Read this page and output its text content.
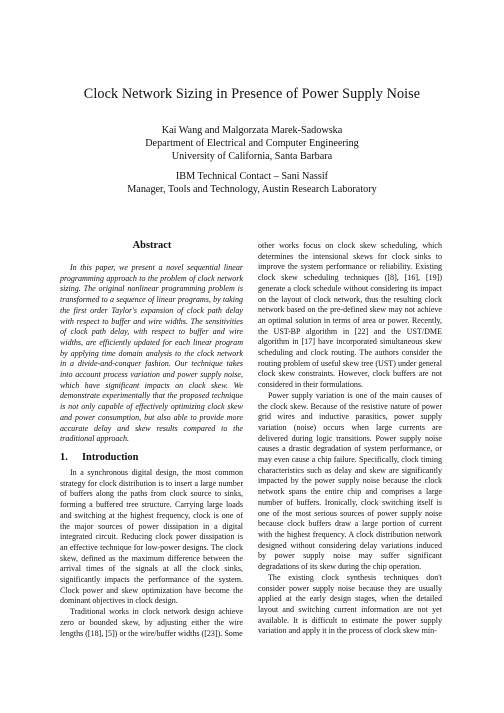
Clock Network Sizing in Presence of Power Supply Noise
Kai Wang and Malgorzata Marek-Sadowska
Department of Electrical and Computer Engineering
University of California, Santa Barbara
IBM Technical Contact – Sani Nassif
Manager, Tools and Technology, Austin Research Laboratory
Abstract

In this paper, we present a novel sequential linear programming approach to the problem of clock network sizing. The original nonlinear programming problem is transformed to a sequence of linear programs, by taking the first order Taylor's expansion of clock path delay with respect to buffer and wire widths. The sensitivities of clock path delay, with respect to buffer and wire widths, are efficiently updated for each linear program by applying time domain analysis to the clock network in a divide-and-conquer fashion. Our technique takes into account process variation and power supply noise, which have significant impacts on clock skew. We demonstrate experimentally that the proposed technique is not only capable of effectively optimizing clock skew and power consumption, but also able to provide more accurate delay and skew results compared to the traditional approach.

1. Introduction

In a synchronous digital design, the most common strategy for clock distribution is to insert a large number of buffers along the paths from clock source to sinks, forming a buffered tree structure. Carrying large loads and switching at the highest frequency, clock is one of the major sources of power dissipation in a digital integrated circuit. Reducing clock power dissipation is an effective technique for low-power designs. The clock skew, defined as the maximum difference between the arrival times of the signals at all the clock sinks, significantly impacts the performance of the system. Clock power and skew optimization have become the dominant objectives in clock design.

Traditional works in clock network design achieve zero or bounded skew, by adjusting either the wire lengths ([18], [5]) or the wire/buffer widths ([23]). Some

other works focus on clock skew scheduling, which determines the intensional skews for clock sinks to improve the system performance or reliability. Existing clock skew scheduling techniques ([8], [16], [19]) generate a clock schedule without considering its impact on the layout of clock network, thus the resulting clock network based on the pre-defined skew may not achieve an optimal solution in terms of area or power. Recently, the UST-BP algorithm in [22] and the UST/DME algorithm in [17] have incorporated simultaneous skew scheduling and clock routing. The authors consider the routing problem of useful skew tree (UST) under general clock skew constraints. However, clock buffers are not considered in their formulations.

Power supply variation is one of the main causes of the clock skew. Because of the resistive nature of power grid wires and inductive parasitics, power supply variation (noise) occurs when large currents are delivered during logic transitions. Power supply noise causes a drastic degradation of system performance, or may even cause a chip failure. Specifically, clock timing characteristics such as delay and skew are significantly impacted by the power supply noise because the clock network spans the entire chip and comprises a large number of buffers. Ironically, clock switching itself is one of the most serious sources of power supply noise because clock buffers draw a large portion of current with the highest frequency. A clock distribution network designed without considering delay variations induced by power supply noise may suffer significant degradations of its skew during the chip operation.

The existing clock synthesis techniques don't consider power supply noise because they are usually applied at the early design stages, when the detailed layout and switching current information are not yet available. It is difficult to estimate the power supply variation and apply it in the process of clock skew min-
